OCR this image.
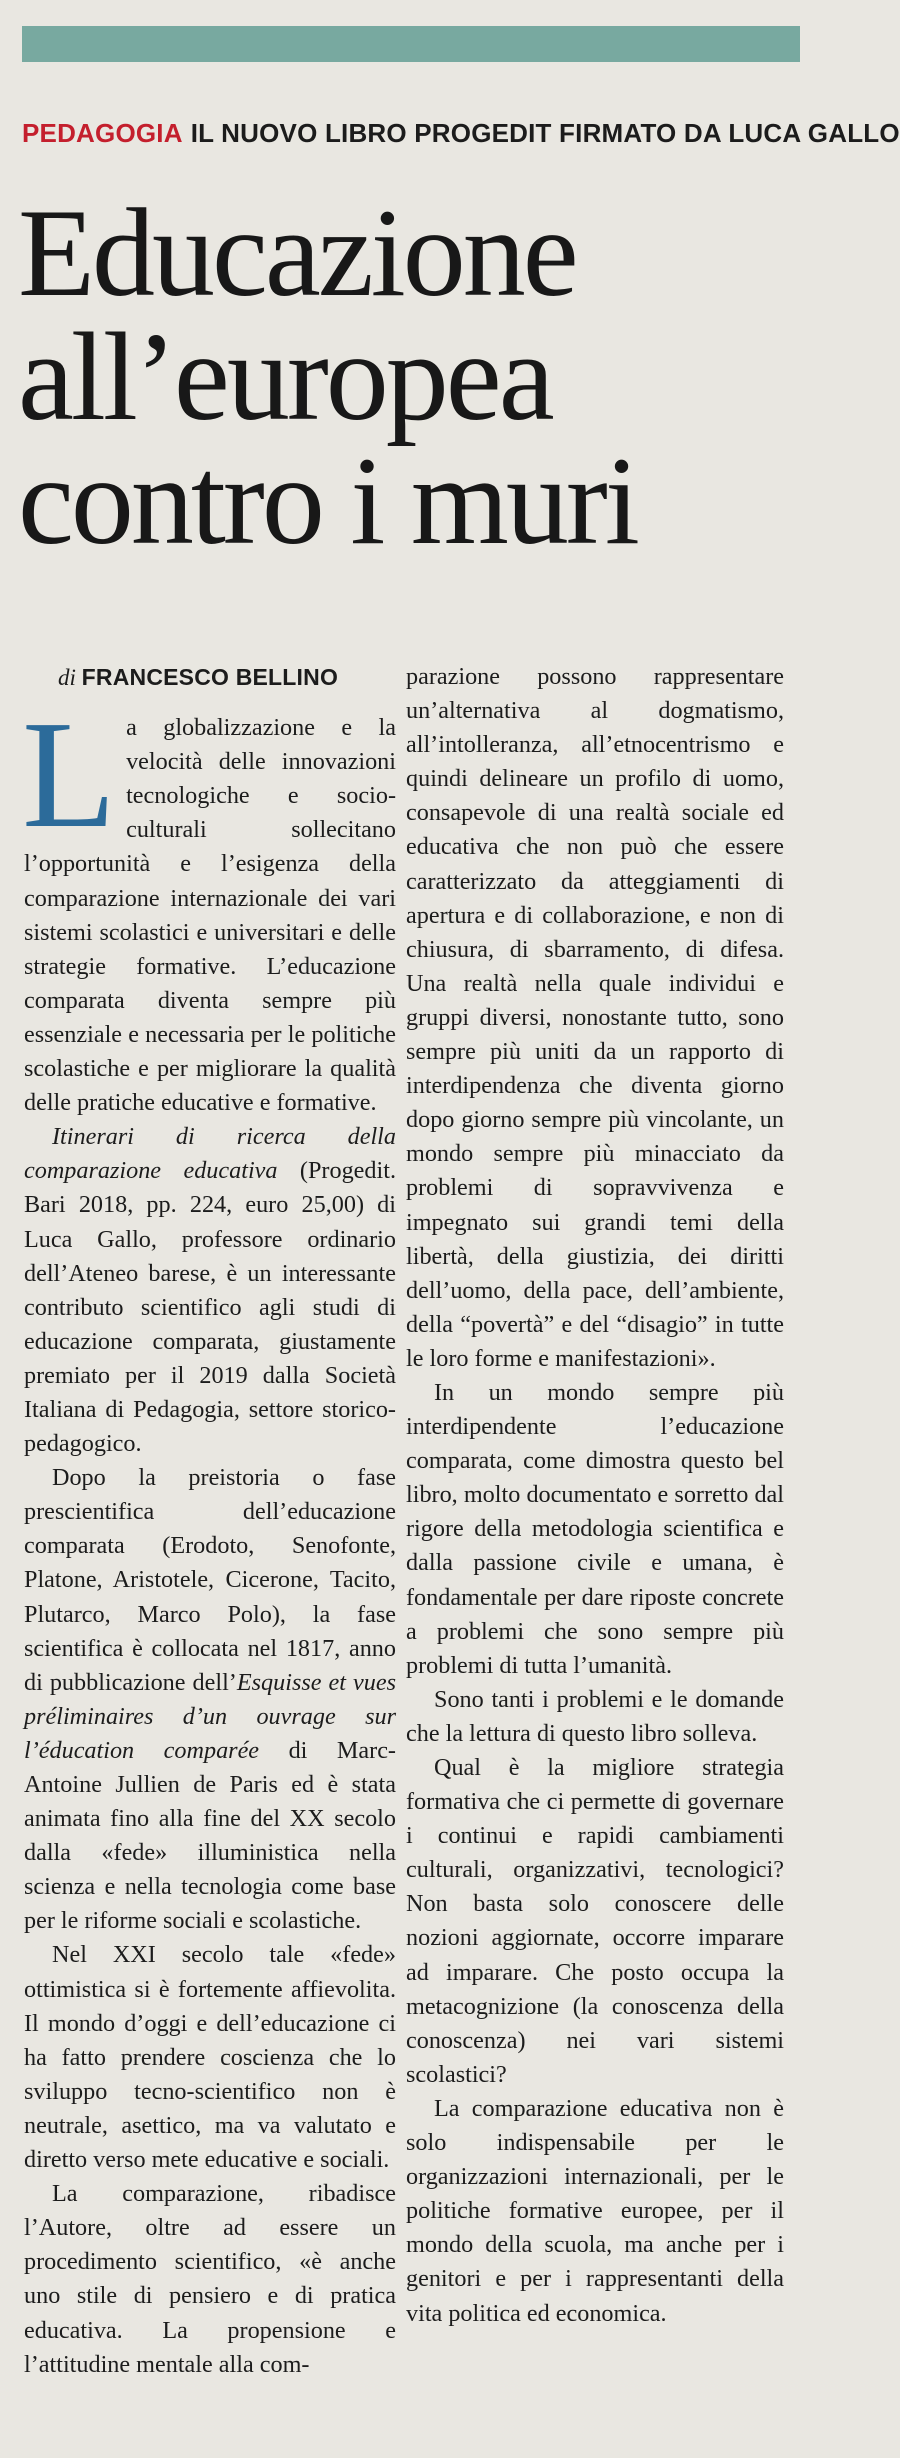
PEDAGOGIA IL NUOVO LIBRO PROGEDIT FIRMATO DA LUCA GALLO
Educazione
all’europea
contro i muri
di FRANCESCO BELLINO

La globalizzazione e la velocità delle innovazioni tecnologiche e socio-culturali sollecitano l’opportunità e l’esigenza della comparazione internazionale dei vari sistemi scolastici e universitari e delle strategie formative. L’educazione comparata diventa sempre più essenziale e necessaria per le politiche scolastiche e per migliorare la qualità delle pratiche educative e formative.

Itinerari di ricerca della comparazione educativa (Progedit. Bari 2018, pp. 224, euro 25,00) di Luca Gallo, professore ordinario dell’Ateneo barese, è un interessante contributo scientifico agli studi di educazione comparata, giustamente premiato per il 2019 dalla Società Italiana di Pedagogia, settore storico-pedagogico.

Dopo la preistoria o fase prescientifica dell’educazione comparata (Erodoto, Senofonte, Platone, Aristotele, Cicerone, Tacito, Plutarco, Marco Polo), la fase scientifica è collocata nel 1817, anno di pubblicazione dell’Esquisse et vues préliminaires d’un ouvrage sur l’éducation comparée di Marc-Antoine Jullien de Paris ed è stata animata fino alla fine del XX secolo dalla «fede» illuministica nella scienza e nella tecnologia come base per le riforme sociali e scolastiche.

Nel XXI secolo tale «fede» ottimistica si è fortemente affievolita. Il mondo d’oggi e dell’educazione ci ha fatto prendere coscienza che lo sviluppo tecno-scientifico non è neutrale, asettico, ma va valutato e diretto verso mete educative e sociali.

La comparazione, ribadisce l’Autore, oltre ad essere un procedimento scientifico, «è anche uno stile di pensiero e di pratica educativa. La propensione e l’attitudine mentale alla com-

parazione possono rappresentare un’alternativa al dogmatismo, all’intolleranza, all’etnocentrismo e quindi delineare un profilo di uomo, consapevole di una realtà sociale ed educativa che non può che essere caratterizzato da atteggiamenti di apertura e di collaborazione, e non di chiusura, di sbarramento, di difesa. Una realtà nella quale individui e gruppi diversi, nonostante tutto, sono sempre più uniti da un rapporto di interdipendenza che diventa giorno dopo giorno sempre più vincolante, un mondo sempre più minacciato da problemi di sopravvivenza e impegnato sui grandi temi della libertà, della giustizia, dei diritti dell’uomo, della pace, dell’ambiente, della “povertà” e del “disagio” in tutte le loro forme e manifestazioni».

In un mondo sempre più interdipendente l’educazione comparata, come dimostra questo bel libro, molto documentato e sorretto dal rigore della metodologia scientifica e dalla passione civile e umana, è fondamentale per dare riposte concrete a problemi che sono sempre più problemi di tutta l’umanità.

Sono tanti i problemi e le domande che la lettura di questo libro solleva.

Qual è la migliore strategia formativa che ci permette di governare i continui e rapidi cambiamenti culturali, organizzativi, tecnologici? Non basta solo conoscere delle nozioni aggiornate, occorre imparare ad imparare. Che posto occupa la metacognizione (la conoscenza della conoscenza) nei vari sistemi scolastici?

La comparazione educativa non è solo indispensabile per le organizzazioni internazionali, per le politiche formative europee, per il mondo della scuola, ma anche per i genitori e per i rappresentanti della vita politica ed economica.
